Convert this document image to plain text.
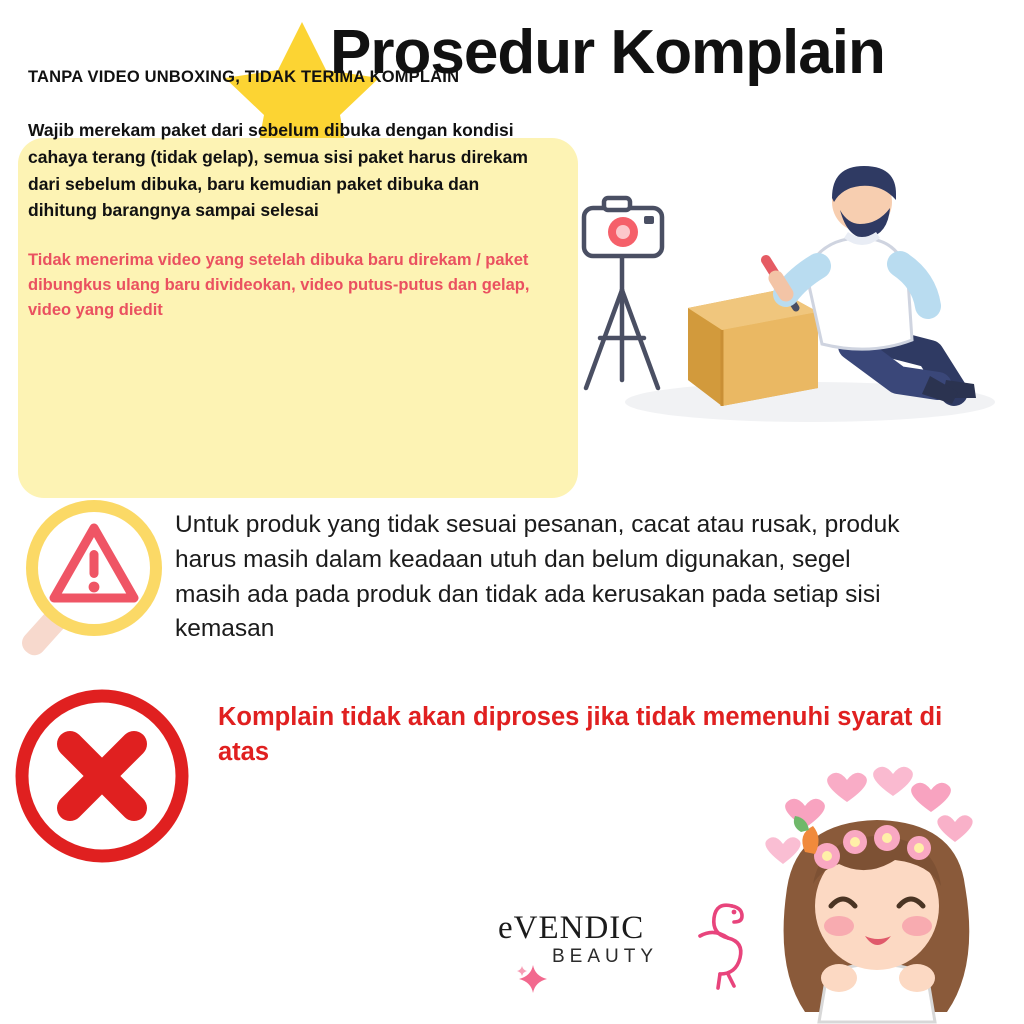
Prosedur Komplain
TANPA VIDEO UNBOXING, TIDAK TERIMA KOMPLAIN
Wajib merekam paket dari sebelum dibuka dengan kondisi cahaya terang (tidak gelap), semua sisi paket harus direkam dari sebelum dibuka, baru kemudian paket dibuka dan dihitung barangnya sampai selesai
Tidak menerima video yang setelah dibuka baru direkam / paket dibungkus ulang baru divideokan, video putus-putus dan gelap, video yang diedit
Untuk produk yang tidak sesuai pesanan, cacat atau rusak, produk harus masih dalam keadaan utuh dan belum digunakan, segel masih ada pada produk dan tidak ada kerusakan pada setiap sisi kemasan
Komplain tidak akan diproses jika tidak memenuhi syarat di atas
eVENDIC
BEAUTY
